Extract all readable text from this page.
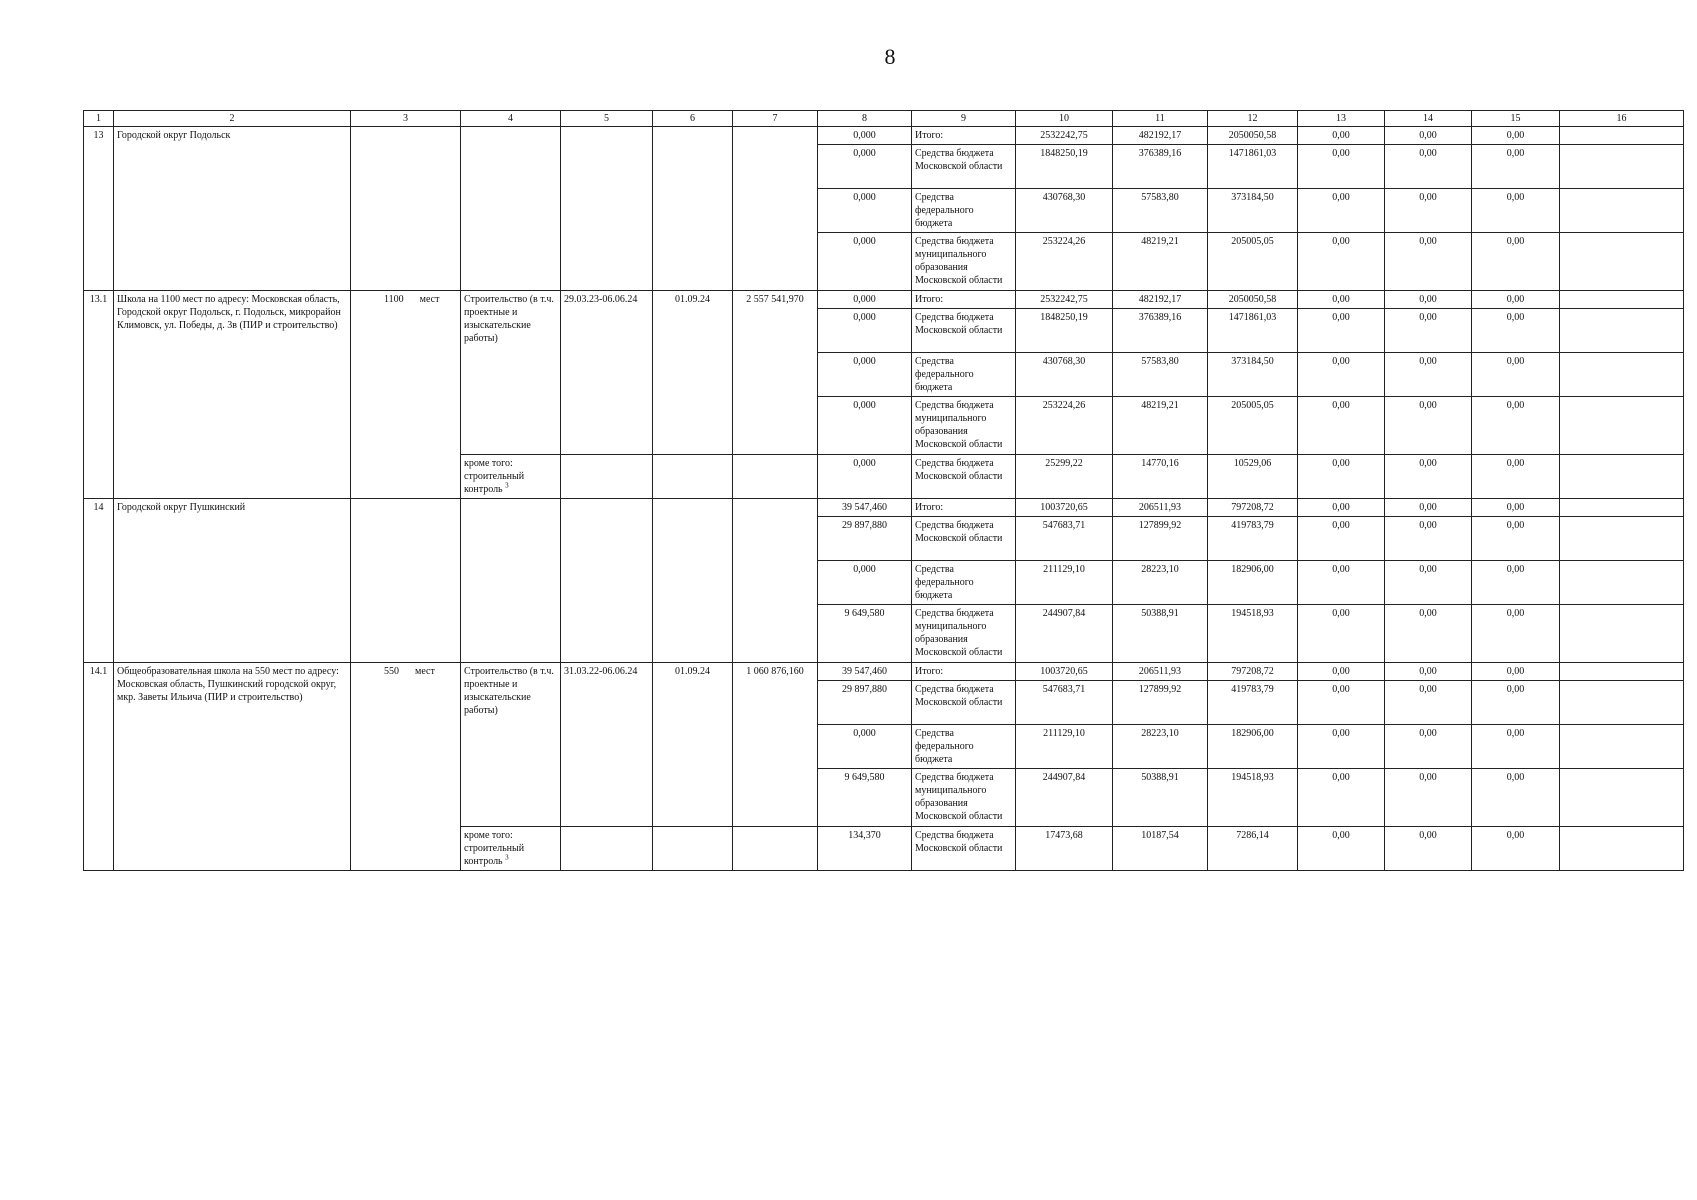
8
1	2	3	4	5	6	7	8	9	10	11	12	13	14	15	16
13	Городской округ Подольск						0,000	Итого:	2532242,75	482192,17	2050050,58	0,00	0,00	0,00	
							0,000	Средства бюджета Московской области	1848250,19	376389,16	1471861,03	0,00	0,00	0,00	
							0,000	Средства федерального бюджета	430768,30	57583,80	373184,50	0,00	0,00	0,00	
							0,000	Средства бюджета муниципального образования Московской области	253224,26	48219,21	205005,05	0,00	0,00	0,00	
13.1	Школа на 1100 мест по адресу: Московская область, Городской округ Подольск, г. Подольск, микрорайон Климовск, ул. Победы, д. 3в (ПИР и строительство)	1100 мест	Строительство (в т.ч. проектные и изыскательские работы)	29.03.23-06.06.24	01.09.24	2 557 541,970	0,000	Итого:	2532242,75	482192,17	2050050,58	0,00	0,00	0,00	
							0,000	Средства бюджета Московской области	1848250,19	376389,16	1471861,03	0,00	0,00	0,00	
							0,000	Средства федерального бюджета	430768,30	57583,80	373184,50	0,00	0,00	0,00	
							0,000	Средства бюджета муниципального образования Московской области	253224,26	48219,21	205005,05	0,00	0,00	0,00	
			кроме того: строительный контроль $^3$				0,000	Средства бюджета Московской области	25299,22	14770,16	10529,06	0,00	0,00	0,00	
14	Городской округ Пушкинский						39 547,460	Итого:	1003720,65	206511,93	797208,72	0,00	0,00	0,00	
							29 897,880	Средства бюджета Московской области	547683,71	127899,92	419783,79	0,00	0,00	0,00	
							0,000	Средства федерального бюджета	211129,10	28223,10	182906,00	0,00	0,00	0,00	
							9 649,580	Средства бюджета муниципального образования Московской области	244907,84	50388,91	194518,93	0,00	0,00	0,00	
14.1	Общеобразовательная школа на 550 мест по адресу: Московская область, Пушкинский городской округ, мкр. Заветы Ильича (ПИР и строительство)	550 мест	Строительство (в т.ч. проектные и изыскательские работы)	31.03.22-06.06.24	01.09.24	1 060 876,160	39 547,460	Итого:	1003720,65	206511,93	797208,72	0,00	0,00	0,00	
							29 897,880	Средства бюджета Московской области	547683,71	127899,92	419783,79	0,00	0,00	0,00	
							0,000	Средства федерального бюджета	211129,10	28223,10	182906,00	0,00	0,00	0,00	
							9 649,580	Средства бюджета муниципального образования Московской области	244907,84	50388,91	194518,93	0,00	0,00	0,00	
			кроме того: строительный контроль $^3$				134,370	Средства бюджета Московской области	17473,68	10187,54	7286,14	0,00	0,00	0,00	
